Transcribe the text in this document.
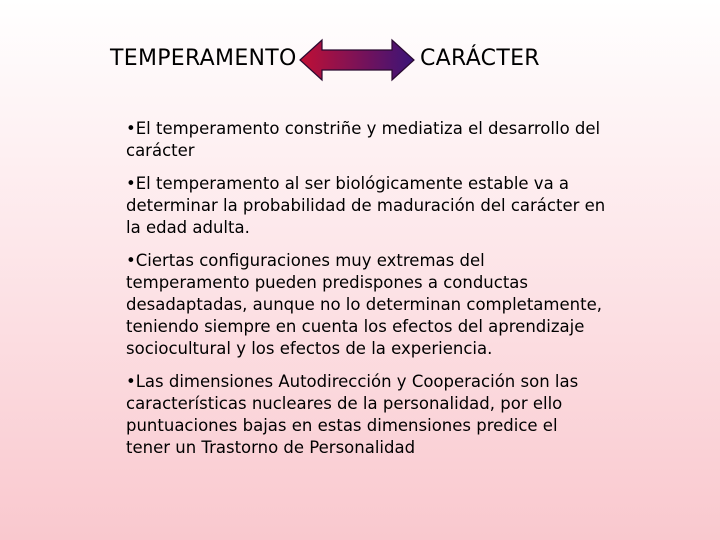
TEMPERAMENTO	CARÁCTER
•El temperamento constriñe y mediatiza el desarrollo del carácter
•El temperamento al ser biológicamente estable va a determinar la probabilidad de maduración del carácter en la edad adulta.
•Ciertas configuraciones muy extremas del temperamento pueden predispones a conductas desadaptadas, aunque no lo determinan completamente, teniendo siempre en cuenta los efectos del aprendizaje sociocultural y los efectos de la experiencia.
•Las dimensiones Autodirección y Cooperación son las características nucleares de la personalidad, por ello puntuaciones bajas en estas dimensiones predice el tener un Trastorno de Personalidad
